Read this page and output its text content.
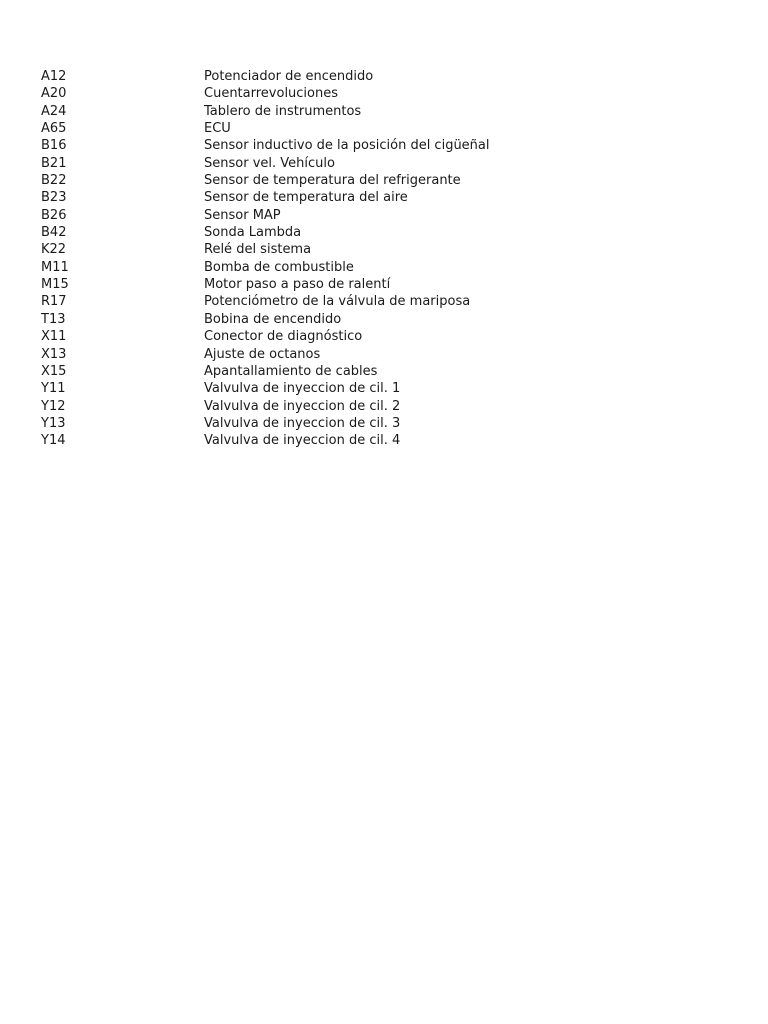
A12	Potenciador de encendido
A20	Cuentarrevoluciones
A24	Tablero de instrumentos
A65	ECU
B16	Sensor inductivo de la posición del cigüeñal
B21	Sensor vel. Vehículo
B22	Sensor de temperatura del refrigerante
B23	Sensor de temperatura del aire
B26	Sensor MAP
B42	Sonda Lambda
K22	Relé del sistema
M11	Bomba de combustible
M15	Motor paso a paso de ralentí
R17	Potenciómetro de la válvula de mariposa
T13	Bobina de encendido
X11	Conector de diagnóstico
X13	Ajuste de octanos
X15	Apantallamiento de cables
Y11	Valvulva de inyeccion de cil. 1
Y12	Valvulva de inyeccion de cil. 2
Y13	Valvulva de inyeccion de cil. 3
Y14	Valvulva de inyeccion de cil. 4
